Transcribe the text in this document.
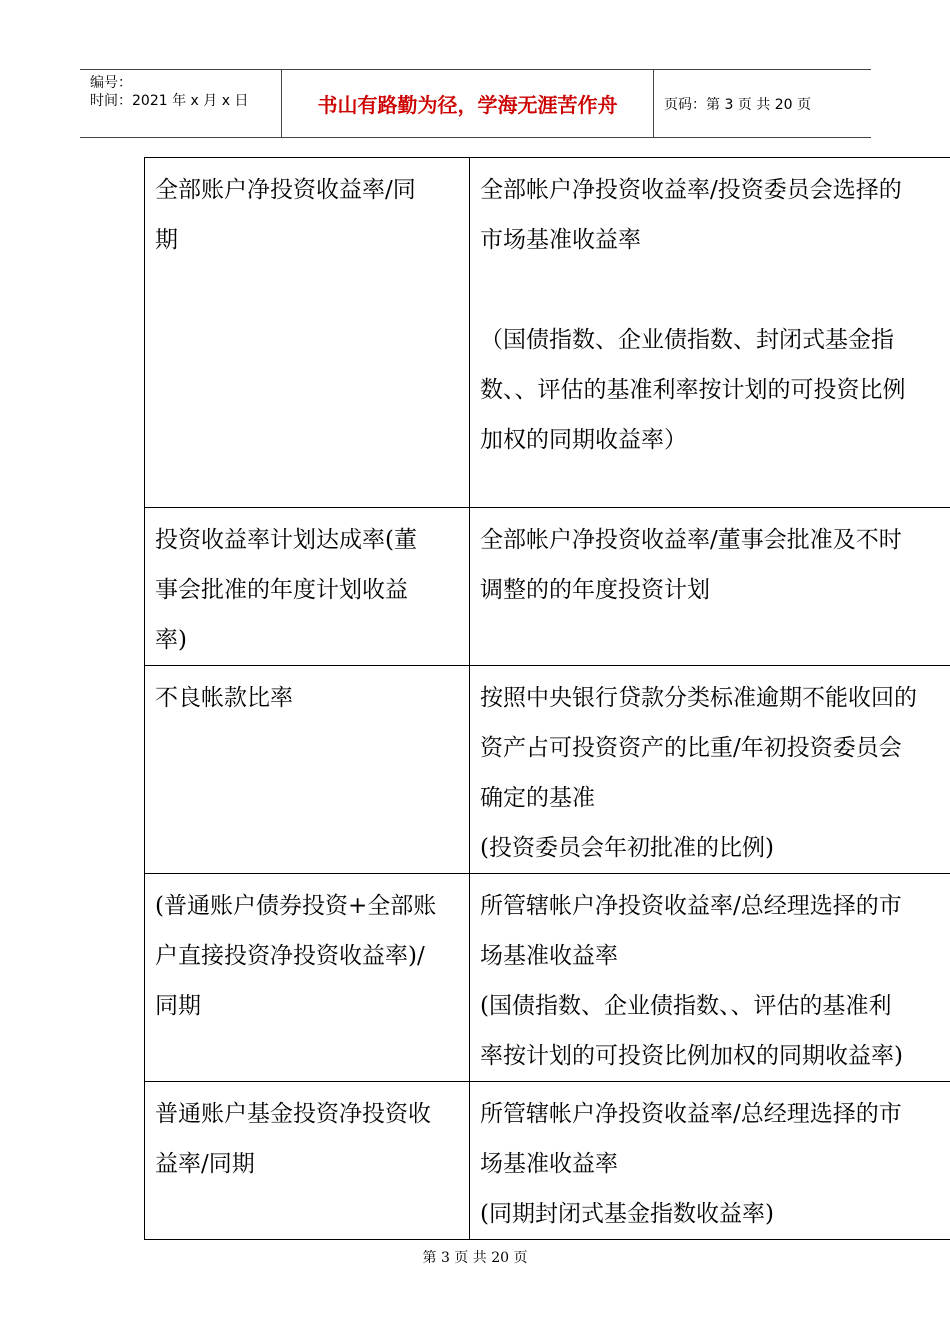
编号：
时间：2021 年 x 月 x 日	书山有路勤为径，学海无涯苦作舟	页码：第 3 页 共 20 页
全部账户净投资收益率/同
期	全部帐户净投资收益率/投资委员会选择的
市场基准收益率

（国债指数、企业债指数、封闭式基金指
数、、评估的基准利率按计划的可投资比例
加权的同期收益率）

投资收益率计划达成率(董
事会批准的年度计划收益
率)	全部帐户净投资收益率/董事会批准及不时
调整的的年度投资计划

不良帐款比率	按照中央银行贷款分类标准逾期不能收回的
资产占可投资资产的比重/年初投资委员会
确定的基准
(投资委员会年初批准的比例)

(普通账户债券投资+全部账
户直接投资净投资收益率)/
同期	所管辖帐户净投资收益率/总经理选择的市
场基准收益率
(国债指数、企业债指数、、评估的基准利
率按计划的可投资比例加权的同期收益率)

普通账户基金投资净投资收
益率/同期	所管辖帐户净投资收益率/总经理选择的市
场基准收益率
(同期封闭式基金指数收益率)
第 3 页 共 20 页
